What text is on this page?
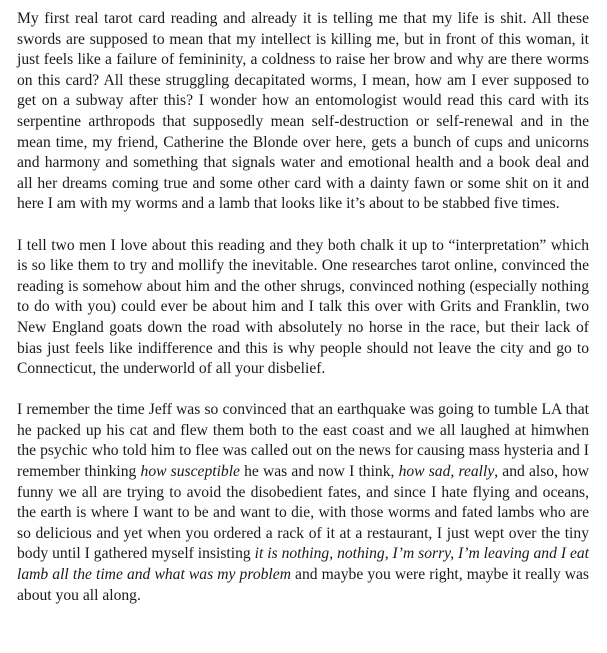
My first real tarot card reading and already it is telling me that my life is shit. All these swords are supposed to mean that my intellect is killing me, but in front of this woman, it just feels like a failure of femininity, a coldness to raise her brow and why are there worms on this card? All these struggling decapitated worms, I mean, how am I ever supposed to get on a subway after this? I wonder how an entomologist would read this card with its serpentine arthropods that supposedly mean self-destruction or self-renewal and in the mean time, my friend, Catherine the Blonde over here, gets a bunch of cups and unicorns and harmony and something that signals water and emotional health and a book deal and all her dreams coming true and some other card with a dainty fawn or some shit on it and here I am with my worms and a lamb that looks like it’s about to be stabbed five times.

I tell two men I love about this reading and they both chalk it up to “interpretation” which is so like them to try and mollify the inevitable. One researches tarot online, convinced the reading is somehow about him and the other shrugs, convinced nothing (especially nothing to do with you) could ever be about him and I talk this over with Grits and Franklin, two New England goats down the road with absolutely no horse in the race, but their lack of bias just feels like indifference and this is why people should not leave the city and go to Connecticut, the underworld of all your disbelief.

I remember the time Jeff was so convinced that an earthquake was going to tumble LA that he packed up his cat and flew them both to the east coast and we all laughed at himwhen the psychic who told him to flee was called out on the news for causing mass hysteria and I remember thinking how susceptible he was and now I think, how sad, really, and also, how funny we all are trying to avoid the disobedient fates, and since I hate flying and oceans, the earth is where I want to be and want to die, with those worms and fated lambs who are so delicious and yet when you ordered a rack of it at a restaurant, I just wept over the tiny body until I gathered myself insisting it is nothing, nothing, I’m sorry, I’m leaving and I eat lamb all the time and what was my problem and maybe you were right, maybe it really was about you all along.
